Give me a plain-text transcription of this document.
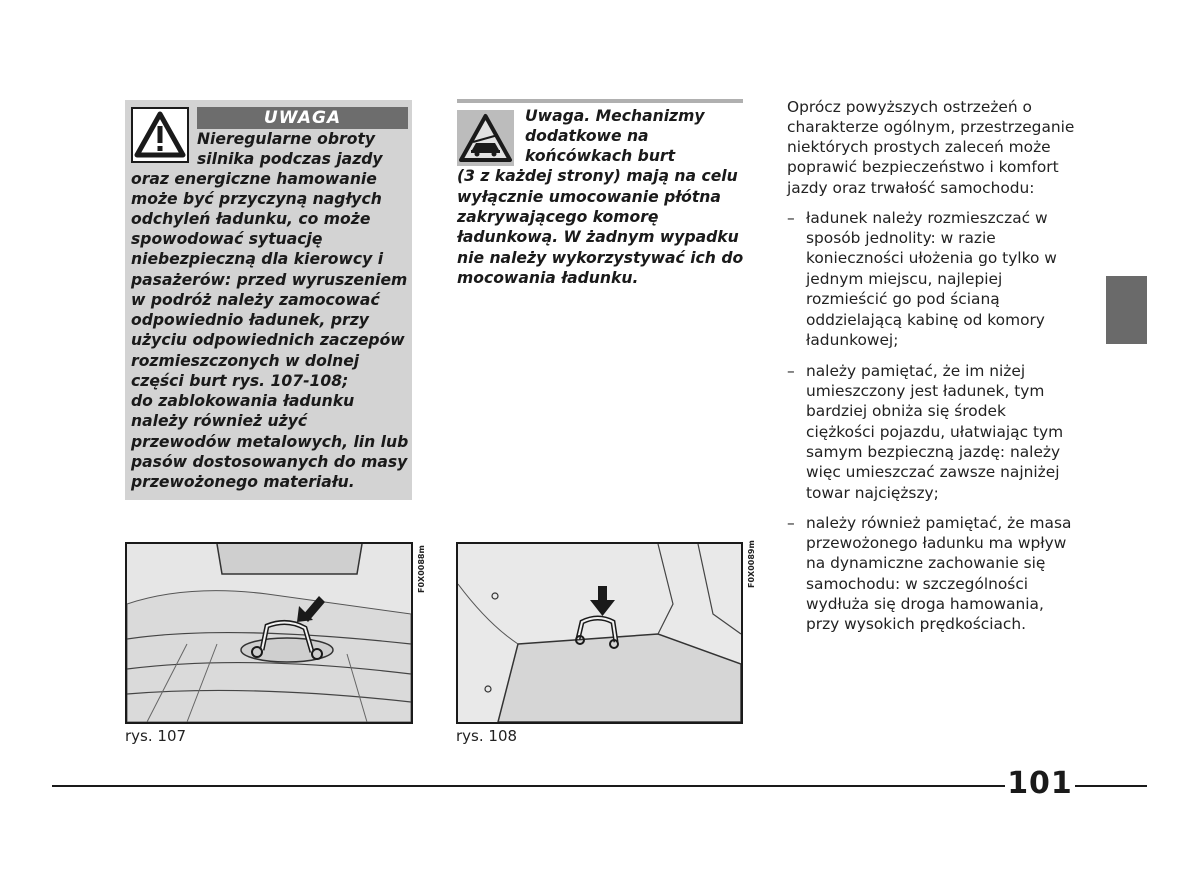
UWAGA
Nieregularne obroty
silnika podczas jazdy
oraz energiczne hamowanie
może być przyczyną nagłych
odchyleń ładunku, co może
spowodować sytuację
niebezpieczną dla kierowcy i
pasażerów: przed wyruszeniem
w podróż należy zamocować
odpowiednio ładunek, przy
użyciu odpowiednich zaczepów
rozmieszczonych w dolnej
części burt rys. 107-108;
do zablokowania ładunku
należy również użyć
przewodów metalowych, lin lub
pasów dostosowanych do masy
przewożonego materiału.
Uwaga. Mechanizmy
dodatkowe na
końcówkach burt
(3 z każdej strony) mają na celu
wyłącznie umocowanie płótna
zakrywającego komorę
ładunkową. W żadnym wypadku
nie należy wykorzystywać ich do
mocowania ładunku.
Oprócz powyższych ostrzeżeń o
charakterze ogólnym, przestrzeganie
niektórych prostych zaleceń może
poprawić bezpieczeństwo i komfort
jazdy oraz trwałość samochodu:
– ładunek należy rozmieszczać w
sposób jednolity: w razie
konieczności ułożenia go tylko w
jednym miejscu, najlepiej
rozmieścić go pod ścianą
oddzielającą kabinę od komory
ładunkowej;
– należy pamiętać, że im niżej
umieszczony jest ładunek, tym
bardziej obniża się środek
ciężkości pojazdu, ułatwiając tym
samym bezpieczną jazdę: należy
więc umieszczać zawsze najniżej
towar najcięższy;
– należy również pamiętać, że masa
przewożonego ładunku ma wpływ
na dynamiczne zachowanie się
samochodu: w szczególności
wydłuża się droga hamowania,
przy wysokich prędkościach.
F0X0088m
rys. 107
F0X0089m
rys. 108
101
